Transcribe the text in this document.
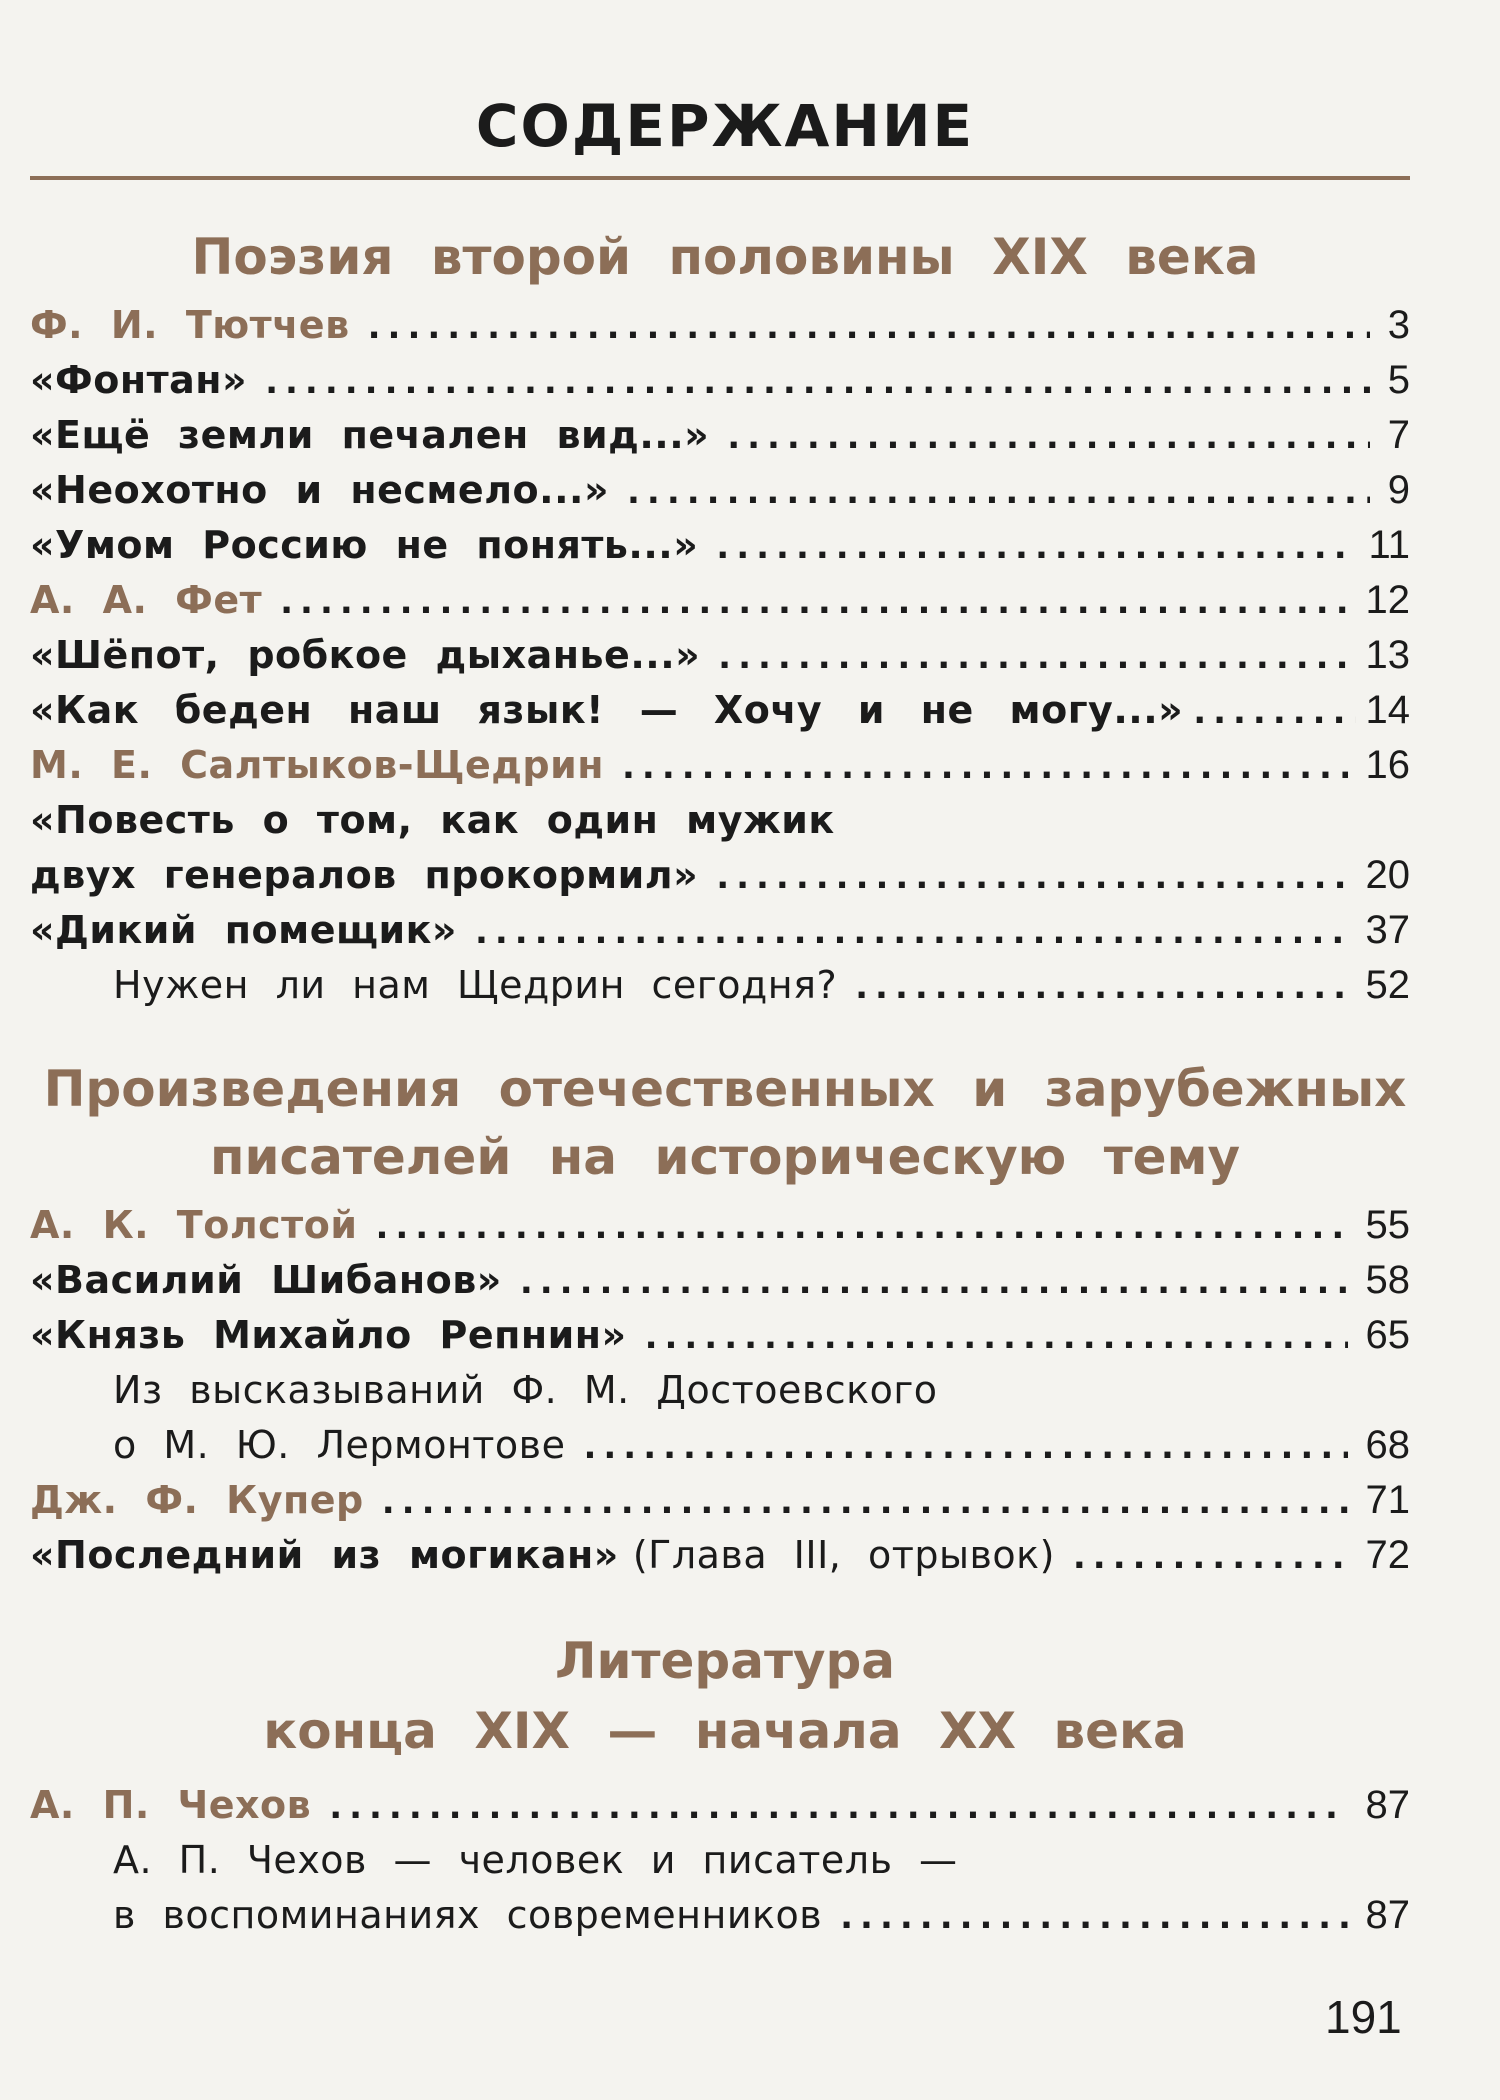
СОДЕРЖАНИЕ
Поэзия второй половины XIX века
Ф. И. Тютчев .....	3
«Фонтан» .....	5
«Ещё земли печален вид...» .....	7
«Неохотно и несмело...» .....	9
«Умом Россию не понять...» .....	11
А. А. Фет .....	12
«Шёпот, робкое дыханье...» .....	13
«Как беден наш язык! — Хочу и не могу...» .....	14
М. Е. Салтыков-Щедрин .....	16
«Повесть о том, как один мужик
двух генералов прокормил» .....	20
«Дикий помещик» .....	37
Нужен ли нам Щедрин сегодня? .....	52
Произведения отечественных и зарубежных
писателей на историческую тему
А. К. Толстой .....	55
«Василий Шибанов» .....	58
«Князь Михайло Репнин» .....	65
Из высказываний Ф. М. Достоевского
о М. Ю. Лермонтове .....	68
Дж. Ф. Купер .....	71
«Последний из могикан» (Глава III, отрывок) .....	72
Литература
конца XIX — начала XX века
А. П. Чехов .....	87
А. П. Чехов — человек и писатель —
в воспоминаниях современников .....	87
191
